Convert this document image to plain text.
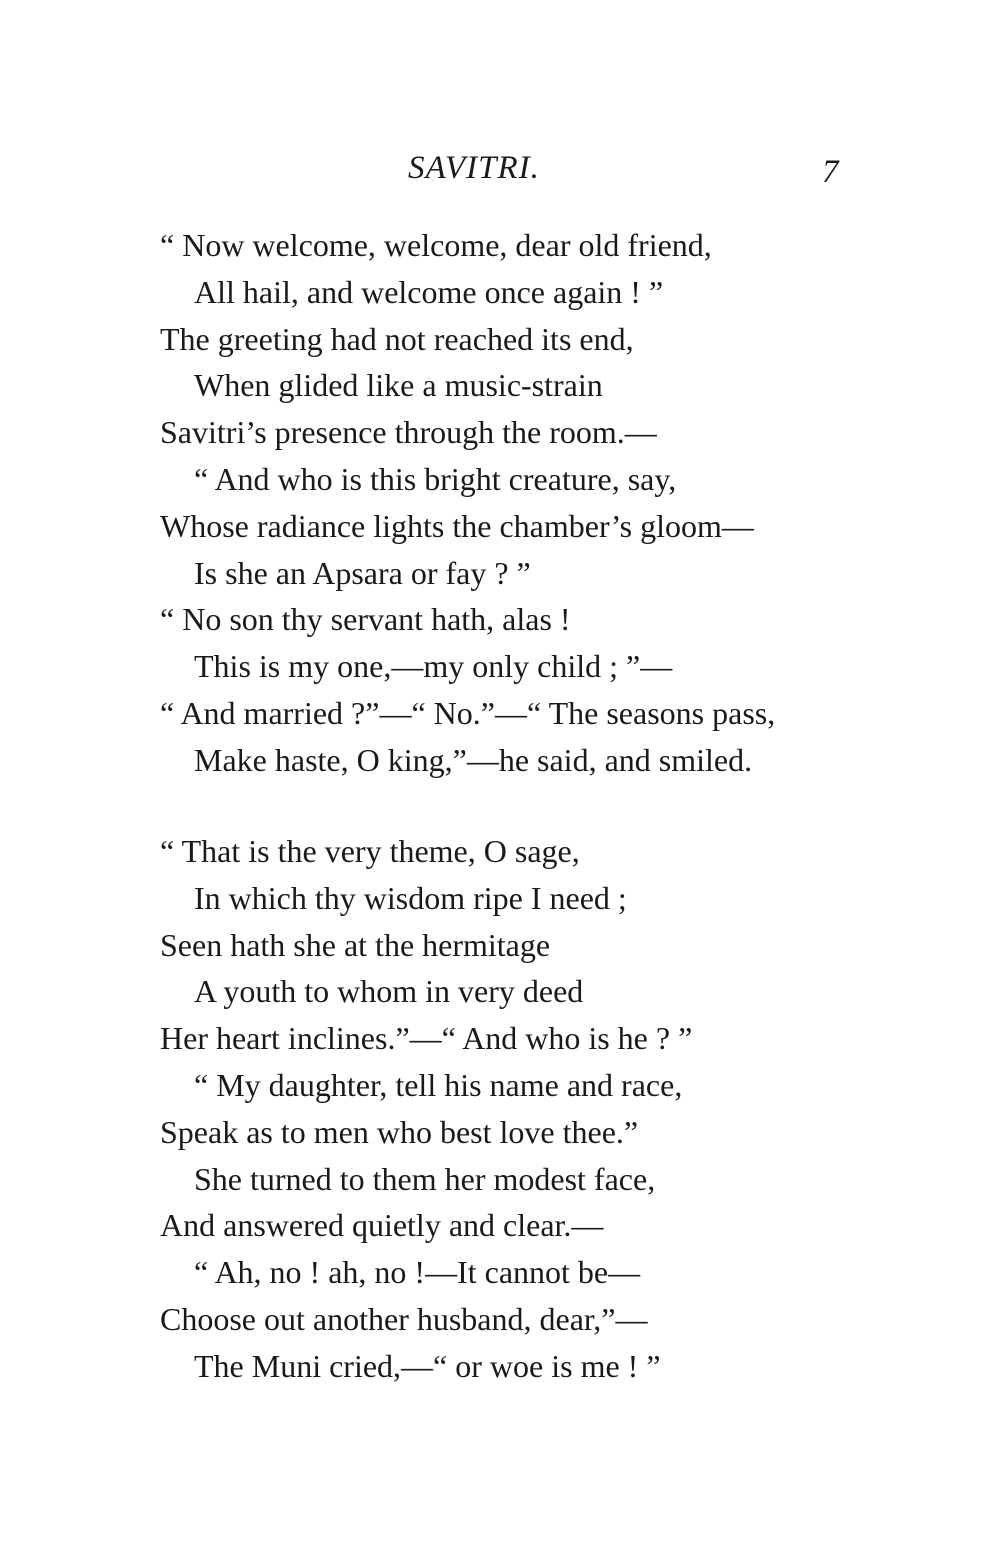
SAVITRI.	7
“ Now welcome, welcome, dear old friend,
All hail, and welcome once again ! ”
The greeting had not reached its end,
When glided like a music-strain
Savitri’s presence through the room.—
“ And who is this bright creature, say,
Whose radiance lights the chamber’s gloom—
Is she an Apsara or fay ? ”
“ No son thy servant hath, alas !
This is my one,—my only child ; ”—
“ And married ?”—“ No.”—“ The seasons pass,
Make haste, O king,”—he said, and smiled.
“ That is the very theme, O sage,
In which thy wisdom ripe I need ;
Seen hath she at the hermitage
A youth to whom in very deed
Her heart inclines.”—“ And who is he ? ”
“ My daughter, tell his name and race,
Speak as to men who best love thee.”
She turned to them her modest face,
And answered quietly and clear.—
“ Ah, no ! ah, no !—It cannot be—
Choose out another husband, dear,”—
The Muni cried,—“ or woe is me ! ”
